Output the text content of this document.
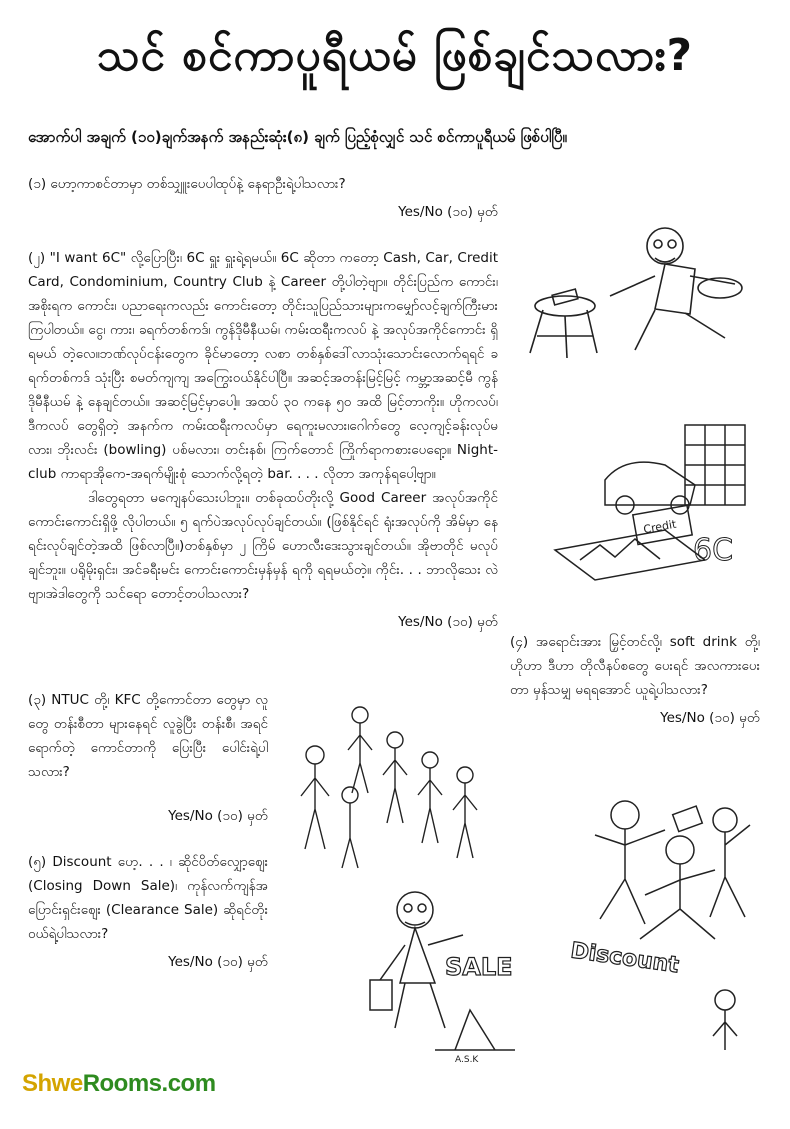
သင် စင်ကာပူရီယမ် ဖြစ်ချင်သလား?
အောက်ပါ အချက် (၁၀)ချက်အနက် အနည်းဆုံး(၈) ချက် ပြည့်စုံလျှင် သင် စင်ကာပူရီယမ် ဖြစ်ပါပြီ။
(၁) ဟော့ကာစင်တာမှာ တစ်သျှူးပေပါထုပ်နဲ့ နေရာဦးရဲ့ပါသလား?
Yes/No (၁၀) မှတ်
(၂) "I want 6C" လို့ပြောပြီး၊ 6C ရှူး ရှူးရဲ့ရမယ်။ 6C ဆိုတာ ကတော့ Cash, Car, Credit Card, Condominium, Country Club နဲ့ Career တို့ပါတဲ့ဗျာ။ တိုင်းပြည်က ကောင်း၊ အစိုးရက ကောင်း၊ ပညာရေးကလည်း ကောင်းတော့ တိုင်းသူပြည်သားများကမျှော်လင့်ချက်ကြီးမားကြပါတယ်။ ငွေ၊ ကား၊ ခရက်တစ်ကဒ်၊ ကွန်ဒိုမီနီယမ်၊ ကမ်းထရီးကလပ် နဲ့ အလုပ်အကိုင်ကောင်း ရှိရမယ် တဲ့လေ။ဘဏ်လုပ်ငန်းတွေက ခိုင်မာတော့ လစာ တစ်နှစ်ဒေါ်လာသုံးသောင်းလောက်ရရင် ခရက်တစ်ကဒ် သုံးပြီး စမတ်ကျကျ အကြွေးဝယ်နိုင်ပါပြီ။ အဆင့်အတန်းမြင့်မြင့် ကမ္ဘာ့အဆင့်မီ ကွန်ဒိုမီနီယမ် နဲ့ နေချင်တယ်။ အဆင့်မြင့်မှာပေါ့။ အထပ် ၃၀ ကနေ ၅၀ အထိ မြင့်တာကိုး။ ဟိုကလပ်၊ ဒီကလပ် တွေရှိတဲ့ အနက်က ကမ်းထရီးကလပ်မှာ ရေကူးမလား၊ဂေါက်တွေ လေ့ကျင့်ခန်းလုပ်မလား၊ ဘိုးလင်း (bowling) ပစ်မလား၊ တင်းနစ်၊ ကြက်တောင် ကြိုက်ရာကစားပေရော့။ Night-club ကာရာအိုကေ-အရက်မျိုးစုံ သောက်လို့ရတဲ့ bar. . . . လိုတာ အကုန်ရပေါ့ဗျာ။
ဒါတွေရတာ မကျေနပ်သေးပါဘူး။ တစ်ခုထပ်တိုးလို့ Good Career အလုပ်အကိုင် ကောင်းကောင်းရှိဖို့ လိုပါတယ်။ ၅ ရက်ပဲအလုပ်လုပ်ချင်တယ်။ (ဖြစ်နိုင်ရင် ရုံးအလုပ်ကို အိမ်မှာ နေရင်းလုပ်ချင်တဲ့အထိ ဖြစ်လာပြီ။)တစ်နှစ်မှာ ၂ ကြိမ် ဟောလီးဒေးသွားချင်တယ်။ အိုဗာတိုင် မလုပ်ချင်ဘူး။ ပရိုမိုးရှင်း၊ အင်ခရီးမင်း ကောင်းကောင်းမှန်မှန် ရကို ရရမယ်တဲ့။ ကိုင်း. . . ဘာလိုသေး လဲဗျာ၊အဲဒါတွေကို သင်ရော တောင့်တပါသလား?
Yes/No (၁၀) မှတ်
(၃) NTUC တို့၊ KFC တို့ကောင်တာ တွေမှာ လူတွေ တန်းစီတာ များနေရင် လူခွဲပြီး တန်းစီ၊ အရင်ရောက်တဲ့ ကောင်တာကို ပြေးပြီး ပေါင်းရဲ့ပါသလား?
Yes/No (၁၀) မှတ်
(၄) အရောင်းအား မြှင့်တင်လို့၊ soft drink တို့၊ ဟိုဟာ ဒီဟာ တိုလီနပ်စတွေ ပေးရင် အလကားပေးတာ မှန်သမျှ မရရအောင် ယူရဲ့ပါသလား?
Yes/No (၁၀) မှတ်
(၅) Discount ဟေ့. . . ၊ ဆိုင်ပိတ်လျှော့ဈေး (Closing Down Sale)၊ ကုန်လက်ကျန်အပြောင်းရှင်းဈေး (Clearance Sale) ဆိုရင်တိုးဝယ်ရဲ့ပါသလား?
Yes/No (၁၀) မှတ်
6C
Credit
Discount
SALE
A.S.K
ShweRooms.com
